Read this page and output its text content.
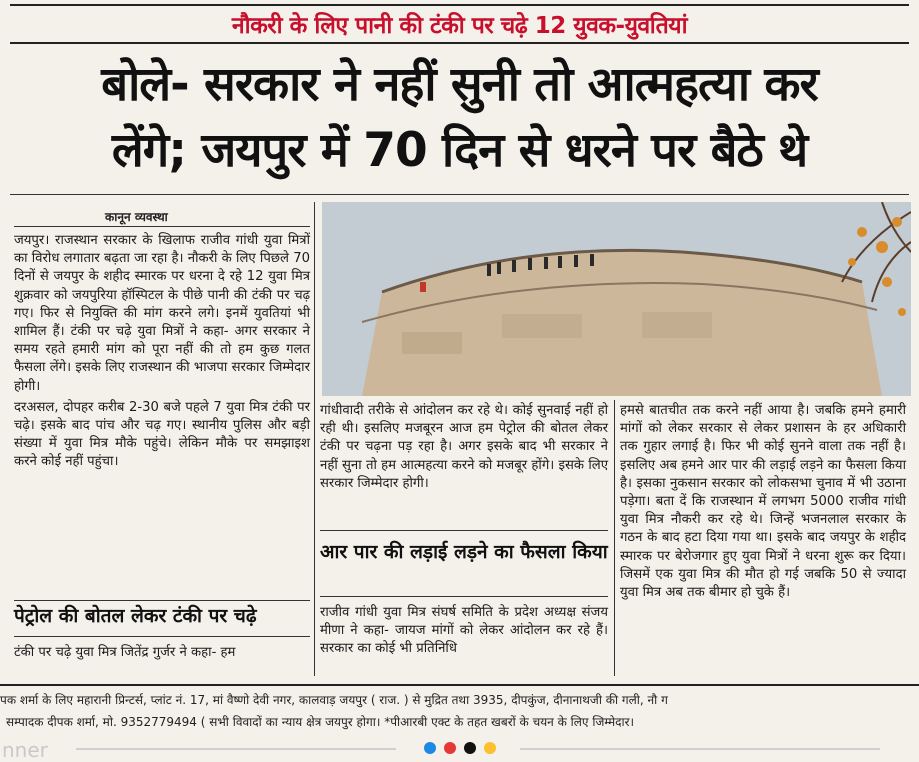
नौकरी के लिए पानी की टंकी पर चढ़े 12 युवक-युवतियां
बोले- सरकार ने नहीं सुनी तो आत्महत्या कर
लेंगे; जयपुर में 70 दिन से धरने पर बैठे थे
कानून व्यवस्था

जयपुर। राजस्थान सरकार के खिलाफ राजीव गांधी युवा मित्रों का विरोध लगातार बढ़ता जा रहा है। नौकरी के लिए पिछले 70 दिनों से जयपुर के शहीद स्मारक पर धरना दे रहे 12 युवा मित्र शुक्रवार को जयपुरिया हॉस्पिटल के पीछे पानी की टंकी पर चढ़ गए। फिर से नियुक्ति की मांग करने लगे। इनमें युवतियां भी शामिल हैं। टंकी पर चढ़े युवा मित्रों ने कहा- अगर सरकार ने समय रहते हमारी मांग को पूरा नहीं की तो हम कुछ गलत फैसला लेंगे। इसके लिए राजस्थान की भाजपा सरकार जिम्मेदार होगी।

दरअसल, दोपहर करीब 2-30 बजे पहले 7 युवा मित्र टंकी पर चढ़े। इसके बाद पांच और चढ़ गए। स्थानीय पुलिस और बड़ी संख्या में युवा मित्र मौके पहुंचे। लेकिन मौके पर समझाइश करने कोई नहीं पहुंचा।

पेट्रोल की बोतल लेकर टंकी पर चढ़े
टंकी पर चढ़े युवा मित्र जितेंद्र गुर्जर ने कहा- हम
गांधीवादी तरीके से आंदोलन कर रहे थे। कोई सुनवाई नहीं हो रही थी। इसलिए मजबूरन आज हम पेट्रोल की बोतल लेकर टंकी पर चढ़ना पड़ रहा है। अगर इसके बाद भी सरकार ने नहीं सुना तो हम आत्महत्या करने को मजबूर होंगे। इसके लिए सरकार जिम्मेदार होगी।
आर पार की लड़ाई लड़ने का फैसला किया
राजीव गांधी युवा मित्र संघर्ष समिति के प्रदेश अध्यक्ष संजय मीणा ने कहा- जायज मांगों को लेकर आंदोलन कर रहे हैं। सरकार का कोई भी प्रतिनिधि
हमसे बातचीत तक करने नहीं आया है। जबकि हमने हमारी मांगों को लेकर सरकार से लेकर प्रशासन के हर अधिकारी तक गुहार लगाई है। फिर भी कोई सुनने वाला तक नहीं है। इसलिए अब हमने आर पार की लड़ाई लड़ने का फैसला किया है। इसका नुकसान सरकार को लोकसभा चुनाव में भी उठाना पड़ेगा। बता दें कि राजस्थान में लगभग 5000 राजीव गांधी युवा मित्र नौकरी कर रहे थे। जिन्हें भजनलाल सरकार के गठन के बाद हटा दिया गया था। इसके बाद जयपुर के शहीद स्मारक पर बेरोजगार हुए युवा मित्रों ने धरना शुरू कर दिया। जिसमें एक युवा मित्र की मौत हो गई जबकि 50 से ज्यादा युवा मित्र अब तक बीमार हो चुके हैं।
पक शर्मा के लिए महारानी प्रिन्टर्स, प्लांट नं. 17, मां वैष्णो देवी नगर, कालवाड़ जयपुर ( राज. ) से मुद्रित तथा 3935, दीपकुंज, दीनानाथजी की गली, नौ ग
सम्पादक दीपक शर्मा, मो. 9352779494 ( सभी विवादों का न्याय क्षेत्र जयपुर होगा। *पीआरबी एक्ट के तहत खबरों के चयन के लिए जिम्मेदार।
nner
